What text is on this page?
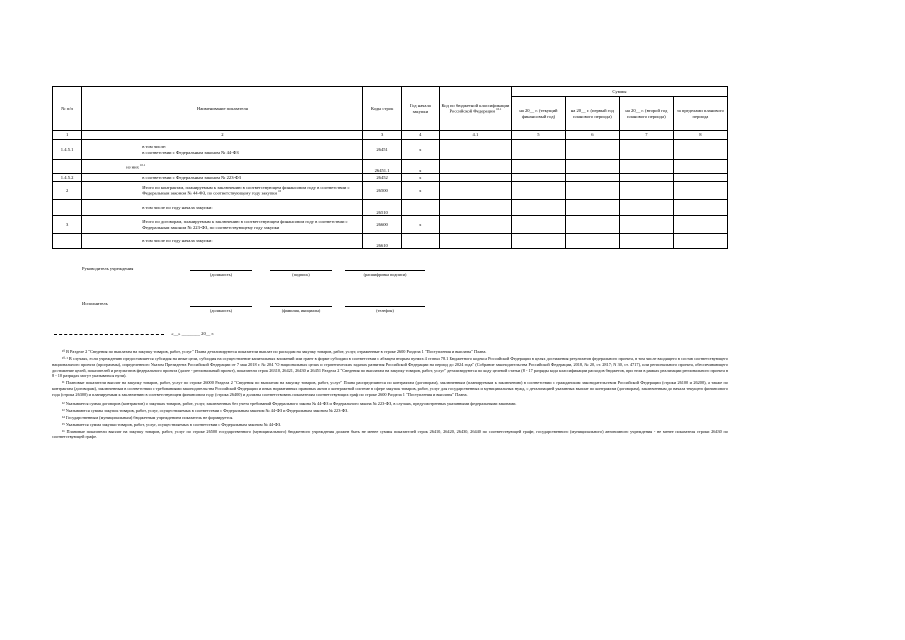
№ п/п	Наименование показателя	Коды строк	Год начала закупки	Код по бюджетной классификации Российской Федерации $^{10.1}$	Суммы			
					на 20__ г. (текущий финансовый год)	на 20__ г. (первый год планового периода)	на 20__ г. (второй год планового периода)	за пределами планового периода
1	2	3	4	4.1	5	6	7	8
1.4.5.1	в том числе:
в соответствии с Федеральным законом № 44-ФЗ	26451	х					
	из них $^{10.1}$	26451.1	х					
1.4.5.2	в соответствии с Федеральным законом № 223-ФЗ	26452	х					
2	Итого по контрактам, планируемым к заключению в соответствующем финансовом году в соответствии с Федеральным законом № 44-ФЗ, по соответствующему году закупки $^{10}$	26500	х					
	в том числе по году начала закупки:	26510						
3	Итого по договорам, планируемым к заключению в соответствующем финансовом году в соответствии с Федеральным законом № 223-ФЗ, по соответствующему году закупки	26600	х					
	в том числе по году начала закупки:	26610						
Руководитель учреждения
(должность)	(подпись)	(расшифровка подписи)
Исполнитель
(должность)	(фамилия, инициалы)	(телефон)
«__» ________ 20__ г.

¹⁰ В Разделе 2 "Сведения по выплатам на закупку товаров, работ, услуг" Плана детализируются показатели выплат по расходам на закупку товаров, работ, услуг, отраженные в строке 2600 Раздела 1 "Поступления и выплаты" Плана.

¹⁰·¹ В случаях, если учреждению предоставляется субсидия на иные цели, субсидия на осуществление капитальных вложений или грант в форме субсидии в соответствии с абзацем вторым пункта 4 статьи 78.1 Бюджетного кодекса Российской Федерации в целях достижения результатов федерального проекта, в том числе входящего в состав соответствующего национального проекта (программы), определенного Указом Президента Российской Федерации от 7 мая 2018 г. № 204 "О национальных целях и стратегических задачах развития Российской Федерации на период до 2024 года" (Собрание законодательства Российской Федерации, 2018, № 20, ст. 2817; N 30, ст. 4717), или регионального проекта, обеспечивающего достижение целей, показателей и результатов федерального проекта (далее - региональный проект), показатели строк 26310, 26421, 26430 и 26451 Раздела 2 "Сведения по выплатам на закупку товаров, работ, услуг" детализируются по коду целевой статьи (8 - 17 разряды кода классификации расходов бюджетов, при этом в рамках реализации регионального проекта в 8 - 10 разрядах могут указываться нули).

¹¹ Плановые показатели выплат на закупку товаров, работ, услуг по строке 26000 Раздела 2 "Сведения по выплатам на закупку товаров, работ, услуг" Плана распределяются по контрактам (договорам), заключенным (планируемым к заключению) в соответствии с гражданским законодательством Российской Федерации (строки 26100 и 26200), а также по контрактам (договорам), заключенным в соответствии с требованиями законодательства Российской Федерации и иных нормативных правовых актов о контрактной системе в сфере закупок товаров, работ, услуг для государственных и муниципальных нужд, с детализацией указанных выплат по контрактам (договорам), заключенным до начала текущего финансового года (строка 26300) и планируемым к заключению в соответствующем финансовом году (строка 26400) и должны соответствовать показателям соответствующих граф по строке 2600 Раздела 1 "Поступления и выплаты" Плана.

¹² Указывается сумма договоров (контрактов) о закупках товаров, работ, услуг, заключенных без учета требований Федерального закона № 44-ФЗ и Федерального закона № 223-ФЗ, в случаях, предусмотренных указанными федеральными законами.

¹³ Указываются суммы закупок товаров, работ, услуг, осуществляемых в соответствии с Федеральным законом № 44-ФЗ и Федеральным законом № 223-ФЗ.

¹⁴ Государственным (муниципальным) бюджетным учреждением показатель не формируется.

¹⁵ Указывается сумма закупки товаров, работ, услуг, осуществляемых в соответствии с Федеральным законом № 44-ФЗ.

¹⁶ Плановые показатели выплат на закупку товаров, работ, услуг по строке 26500 государственного (муниципального) бюджетного учреждения должен быть не менее суммы показателей строк 26410, 26420, 26430, 26440 по соответствующей графе, государственного (муниципального) автономного учреждения - не менее показателя строки 26430 по соответствующей графе.
